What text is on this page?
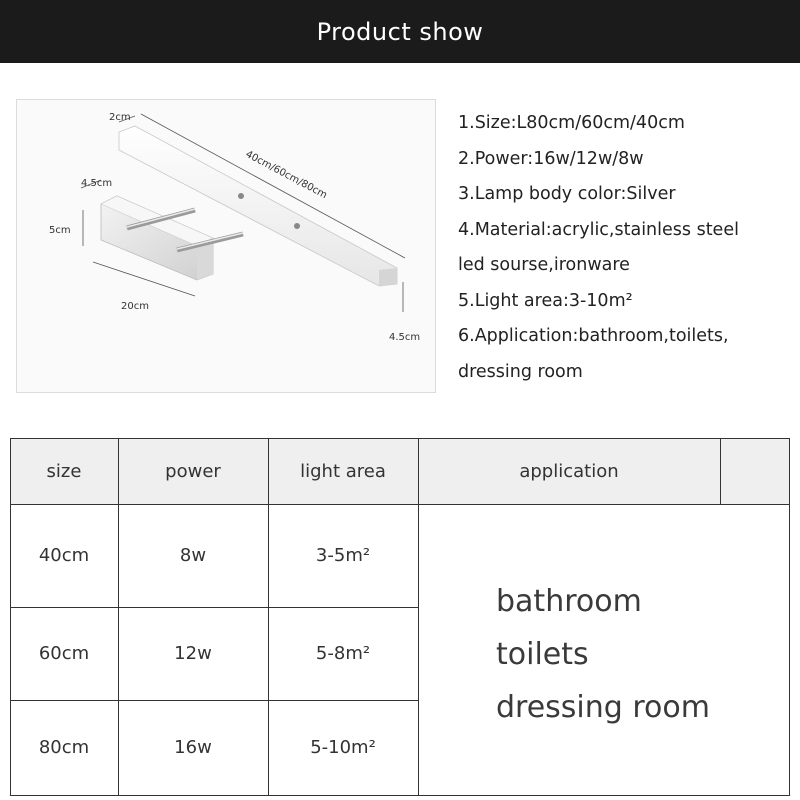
Product show
2cm
40cm/60cm/80cm
4.5cm
5cm
20cm
4.5cm
1.Size:L80cm/60cm/40cm
2.Power:16w/12w/8w
3.Lamp body color:Silver
4.Material:acrylic,stainless steel
led sourse,ironware
5.Light area:3-10m²
6.Application:bathroom,toilets,
dressing room
size	power	light area	application
40cm	8w	3-5m²
60cm	12w	5-8m²
80cm	16w	5-10m²
bathroom
toilets
dressing room
